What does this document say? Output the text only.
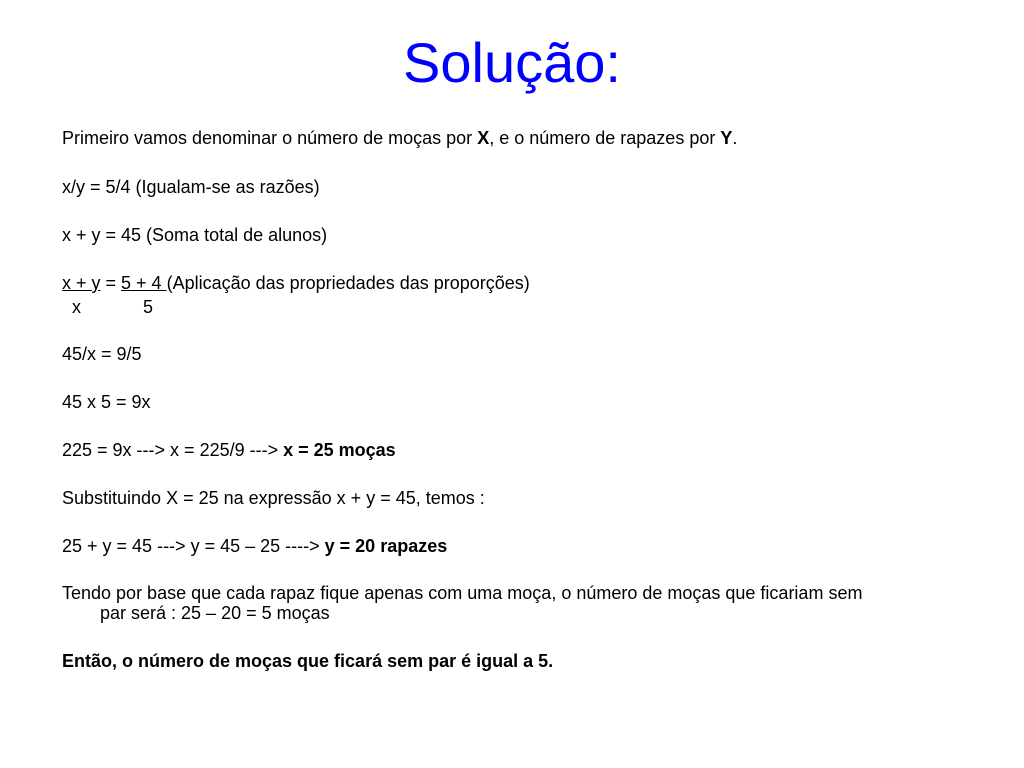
Solução:
Primeiro vamos denominar o número de moças por X, e o número de rapazes por Y.
x/y = 5/4 (Igualam-se as razões)
x + y = 45 (Soma total de alunos)
x + y = 5 + 4 (Aplicação das propriedades das proporções)
x	5
45/x = 9/5
45 x 5 = 9x
225 = 9x ---> x = 225/9 ---> x = 25 moças
Substituindo X = 25 na expressão x + y = 45, temos :
25 + y = 45 ---> y = 45 – 25 ----> y = 20 rapazes
Tendo por base que cada rapaz fique apenas com uma moça, o número de moças que ficariam sem
par será : 25 – 20 = 5 moças
Então, o número de moças que ficará sem par é igual a 5.
